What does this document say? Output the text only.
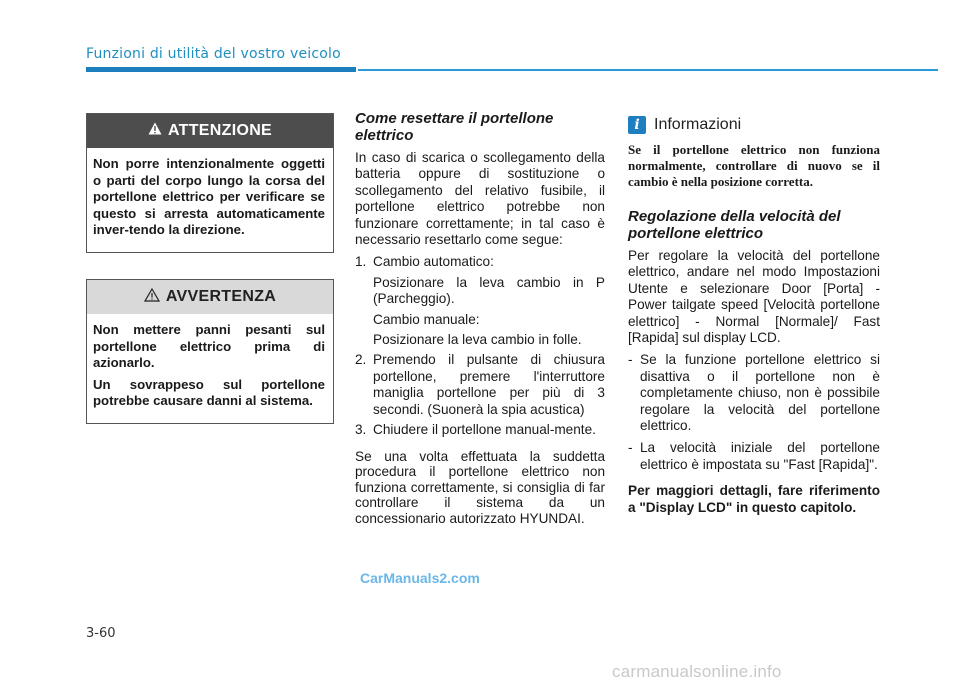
Funzioni di utilità del vostro veicolo
ATTENZIONE

Non porre intenzionalmente oggetti o parti del corpo lungo la corsa del portellone elettrico per verificare se questo si arresta automaticamente inver-tendo la direzione.

AVVERTENZA

Non mettere panni pesanti sul portellone elettrico prima di azionarlo.

Un sovrappeso sul portellone potrebbe causare danni al sistema.

Come resettare il portellone elettrico
In caso di scarica o scollegamento della batteria oppure di sostituzione o scollegamento del relativo fusibile, il portellone elettrico potrebbe non funzionare correttamente; in tal caso è necessario resettarlo come segue:
1. Cambio automatico:
Posizionare la leva cambio in P (Parcheggio).
Cambio manuale:
Posizionare la leva cambio in folle.
2. Premendo il pulsante di chiusura portellone, premere l'interruttore maniglia portellone per più di 3 secondi. (Suonerà la spia acustica)
3. Chiudere il portellone manual-mente.
Se una volta effettuata la suddetta procedura il portellone elettrico non funziona correttamente, si consiglia di far controllare il sistema da un concessionario autorizzato HYUNDAI.
i Informazioni
Se il portellone elettrico non funziona normalmente, controllare di nuovo se il cambio è nella posizione corretta.
Regolazione della velocità del portellone elettrico
Per regolare la velocità del portellone elettrico, andare nel modo Impostazioni Utente e selezionare Door [Porta] - Power tailgate speed [Velocità portellone elettrico] - Normal [Normale]/ Fast [Rapida] sul display LCD.
- Se la funzione portellone elettrico si disattiva o il portellone non è completamente chiuso, non è possibile regolare la velocità del portellone elettrico.
- La velocità iniziale del portellone elettrico è impostata su "Fast [Rapida]".
Per maggiori dettagli, fare riferimento a "Display LCD" in questo capitolo.
CarManuals2.com
3-60
carmanualsonline.info
